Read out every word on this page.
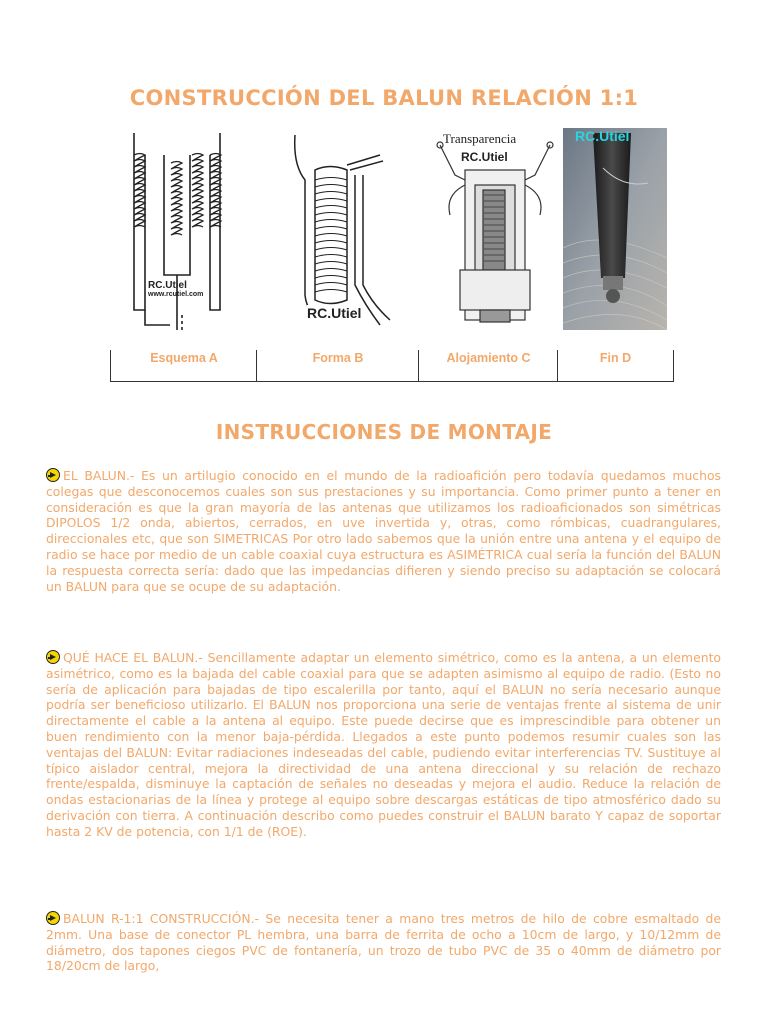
CONSTRUCCIÓN DEL BALUN RELACIÓN 1:1
RC.Utiel
www.rcutiel.com
RC.Utiel
Transparencia
RC.Utiel
RC.Utiel
Esquema A	Forma B	Alojamiento C	Fin D
INSTRUCCIONES DE MONTAJE

EL BALUN.- Es un artilugio conocido en el mundo de la radioafición pero todavía quedamos muchos colegas que desconocemos cuales son sus prestaciones y su importancia. Como primer punto a tener en consideración es que la gran mayoría de las antenas que utilizamos los radioaficionados son simétricas DIPOLOS 1/2 onda, abiertos, cerrados, en uve invertida y, otras, como rómbicas, cuadrangulares, direccionales etc, que son SIMETRICAS Por otro lado sabemos que la unión entre una antena y el equipo de radio se hace por medio de un cable coaxial cuya estructura es ASIMÉTRICA cual sería la función del BALUN la respuesta correcta sería: dado que las impedancias difieren y siendo preciso su adaptación se colocará un BALUN para que se ocupe de su adaptación.

QUÉ HACE EL BALUN.- Sencillamente adaptar un elemento simétrico, como es la antena, a un elemento asimétrico, como es la bajada del cable coaxial para que se adapten asimismo al equipo de radio. (Esto no sería de aplicación para bajadas de tipo escalerilla por tanto, aquí el BALUN no sería necesario aunque podría ser beneficioso utilizarlo. El BALUN nos proporciona una serie de ventajas frente al sistema de unir directamente el cable a la antena al equipo. Este puede decirse que es imprescindible para obtener un buen rendimiento con la menor baja-pérdida. Llegados a este punto podemos resumir cuales son las ventajas del BALUN: Evitar radiaciones indeseadas del cable, pudiendo evitar interferencias TV. Sustituye al típico aislador central, mejora la directividad de una antena direccional y su relación de rechazo frente/espalda, disminuye la captación de señales no deseadas y mejora el audio. Reduce la relación de ondas estacionarias de la línea y protege al equipo sobre descargas estáticas de tipo atmosférico dado su derivación con tierra. A continuación describo como puedes construir el BALUN barato Y capaz de soportar hasta 2 KV de potencia, con 1/1 de (ROE).

BALUN R-1:1 CONSTRUCCIÓN.- Se necesita tener a mano tres metros de hilo de cobre esmaltado de 2mm. Una base de conector PL hembra, una barra de ferrita de ocho a 10cm de largo, y 10/12mm de diámetro, dos tapones ciegos PVC de fontanería, un trozo de tubo PVC de 35 o 40mm de diámetro por 18/20cm de largo,
